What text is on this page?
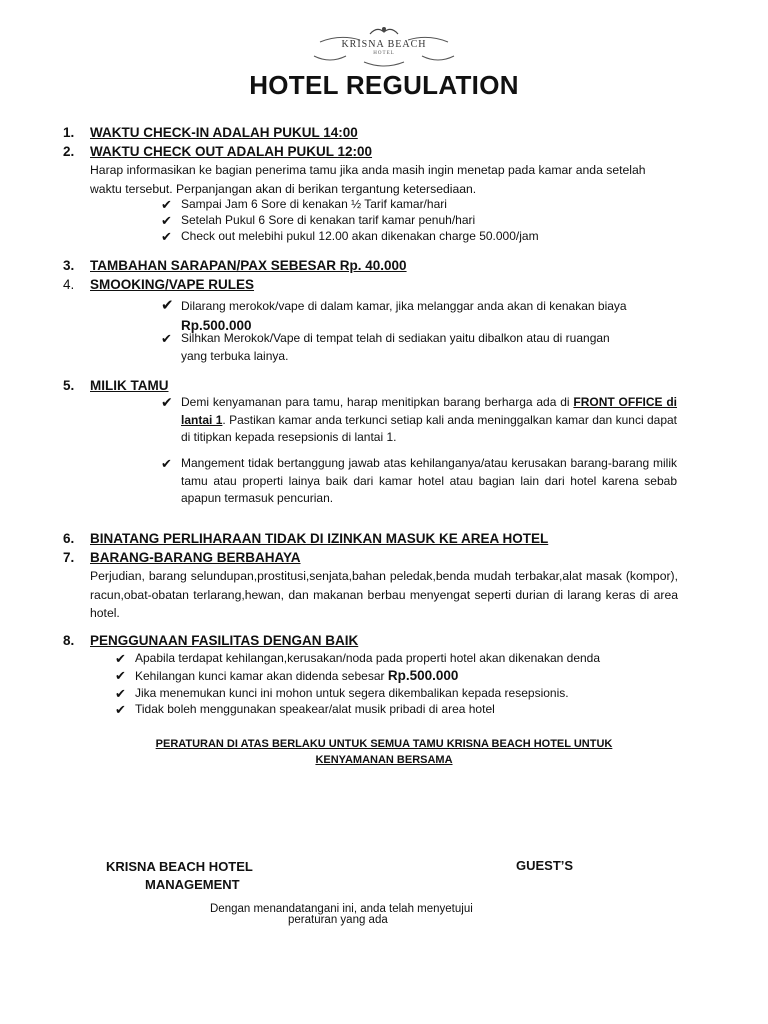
KRISNA BEACH
HOTEL
HOTEL REGULATION
1. WAKTU CHECK-IN ADALAH PUKUL 14:00
2. WAKTU CHECK OUT ADALAH PUKUL 12:00
Harap informasikan ke bagian penerima tamu jika anda masih ingin menetap pada kamar anda setelah waktu tersebut. Perpanjangan akan di berikan tergantung ketersediaan.
✔ Sampai Jam 6 Sore di kenakan ½ Tarif kamar/hari
✔ Setelah Pukul 6 Sore di kenakan tarif kamar penuh/hari
✔ Check out melebihi pukul 12.00 akan dikenakan charge 50.000/jam
3. TAMBAHAN SARAPAN/PAX SEBESAR Rp. 40.000
4. SMOOKING/VAPE RULES
✔ Dilarang merokok/vape di dalam kamar, jika melanggar anda akan di kenakan biaya Rp.500.000
✔ Silhkan Merokok/Vape di tempat telah di sediakan yaitu dibalkon atau di ruangan yang terbuka lainya.
5. MILIK TAMU
✔ Demi kenyamanan para tamu, harap menitipkan barang berharga ada di FRONT OFFICE di lantai 1. Pastikan kamar anda terkunci setiap kali anda meninggalkan kamar dan kunci dapat di titipkan kepada resepsionis di lantai 1.
✔ Mangement tidak bertanggung jawab atas kehilanganya/atau kerusakan barang-barang milik tamu atau properti lainya baik dari kamar hotel atau bagian lain dari hotel karena sebab apapun termasuk pencurian.
6. BINATANG PERLIHARAAN TIDAK DI IZINKAN MASUK KE AREA HOTEL
7. BARANG-BARANG BERBAHAYA
Perjudian, barang selundupan,prostitusi,senjata,bahan peledak,benda mudah terbakar,alat masak (kompor), racun,obat-obatan terlarang,hewan, dan makanan berbau menyengat seperti durian di larang keras di area hotel.
8. PENGGUNAAN FASILITAS DENGAN BAIK
✔ Apabila terdapat kehilangan,kerusakan/noda pada properti hotel akan dikenakan denda
✔ Kehilangan kunci kamar akan didenda sebesar Rp.500.000
✔ Jika menemukan kunci ini mohon untuk segera dikembalikan kepada resepsionis.
✔ Tidak boleh menggunakan speakear/alat musik pribadi di area hotel
PERATURAN DI ATAS BERLAKU UNTUK SEMUA TAMU KRISNA BEACH HOTEL UNTUK
KENYAMANAN BERSAMA
KRISNA BEACH HOTEL
MANAGEMENT
GUEST’S
Dengan menandatangani ini, anda telah menyetujui
peraturan yang ada
